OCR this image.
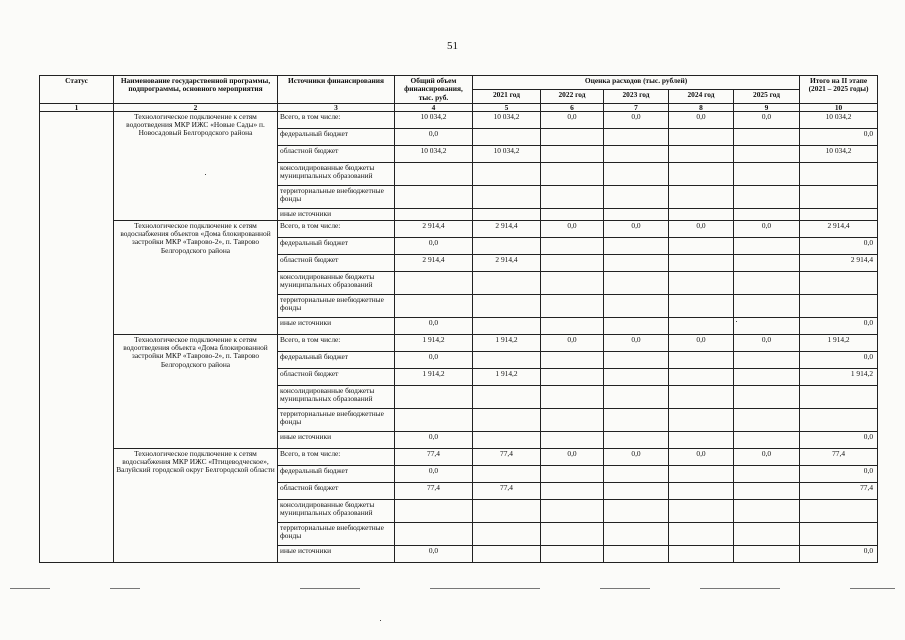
51
Статус	Наименование государственной программы, подпрограммы, основного мероприятия	Источники финансирования	Общий объем финансирования, тыс. руб.	Оценка расходов (тыс. рублей)					Итого на II этапе (2021 – 2025 годы)
				2021 год	2022 год	2023 год	2024 год	2025 год	
1	2	3	4	5	6	7	8	9	10
	Технологическое подключение к сетям водоотведения МКР ИЖС «Новые Сады» п. Новосадовый Белгородского района	Всего, в том числе:	10 034,2	10 034,2	0,0	0,0	0,0	0,0	10 034,2
		федеральный бюджет	0,0						0,0
		областной бюджет	10 034,2	10 034,2					10 034,2
		консолидированные бюджеты муниципальных образований							
		территориальные внебюджетные фонды							
		иные источники							
	Технологическое подключение к сетям водоснабжения объектов «Дома блокированной застройки МКР «Таврово-2», п. Таврово Белгородского района	Всего, в том числе:	2 914,4	2 914,4	0,0	0,0	0,0	0,0	2 914,4
		федеральный бюджет	0,0						0,0
		областной бюджет	2 914,4	2 914,4					2 914,4
		консолидированные бюджеты муниципальных образований							
		территориальные внебюджетные фонды							
		иные источники	0,0						0,0
	Технологическое подключение к сетям водоотведения объекта «Дома блокированной застройки МКР «Таврово-2», п. Таврово Белгородского района	Всего, в том числе:	1 914,2	1 914,2	0,0	0,0	0,0	0,0	1 914,2
		федеральный бюджет	0,0						0,0
		областной бюджет	1 914,2	1 914,2					1 914,2
		консолидированные бюджеты муниципальных образований							
		территориальные внебюджетные фонды							
		иные источники	0,0						0,0
	Технологическое подключение к сетям водоснабжения МКР ИЖС «Птицеводческое», Валуйский городской округ Белгородской области	Всего, в том числе:	77,4	77,4	0,0	0,0	0,0	0,0	77,4
		федеральный бюджет	0,0						0,0
		областной бюджет	77,4	77,4					77,4
		консолидированные бюджеты муниципальных образований							
		территориальные внебюджетные фонды							
		иные источники	0,0						0,0
